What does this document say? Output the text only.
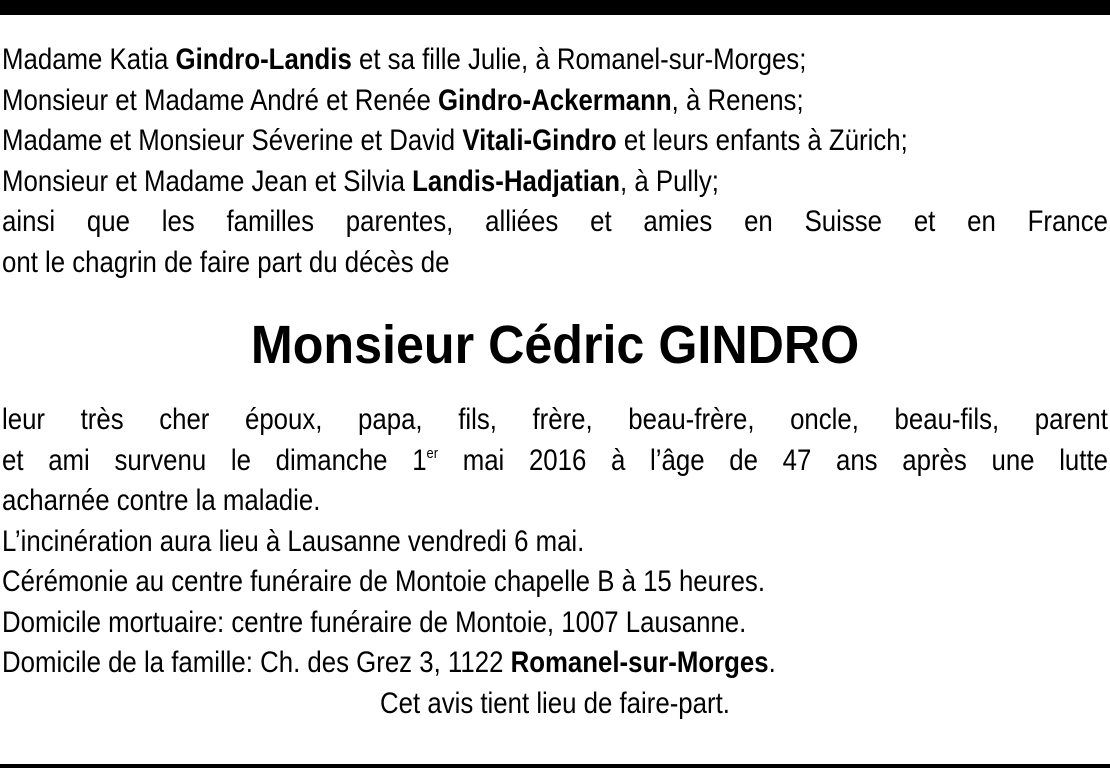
Madame Katia Gindro-Landis et sa fille Julie, à Romanel-sur-Morges;
Monsieur et Madame André et Renée Gindro-Ackermann, à Renens;
Madame et Monsieur Séverine et David Vitali-Gindro et leurs enfants à Zürich;
Monsieur et Madame Jean et Silvia Landis-Hadjatian, à Pully;
ainsi que les familles parentes, alliées et amies en Suisse et en France
ont le chagrin de faire part du décès de
Monsieur Cédric GINDRO
leur très cher époux, papa, fils, frère, beau-frère, oncle, beau-fils, parent
et ami survenu le dimanche 1er mai 2016 à l’âge de 47 ans après une lutte
acharnée contre la maladie.
L’incinération aura lieu à Lausanne vendredi 6 mai.
Cérémonie au centre funéraire de Montoie chapelle B à 15 heures.
Domicile mortuaire: centre funéraire de Montoie, 1007 Lausanne.
Domicile de la famille: Ch. des Grez 3, 1122 Romanel-sur-Morges.
Cet avis tient lieu de faire-part.
